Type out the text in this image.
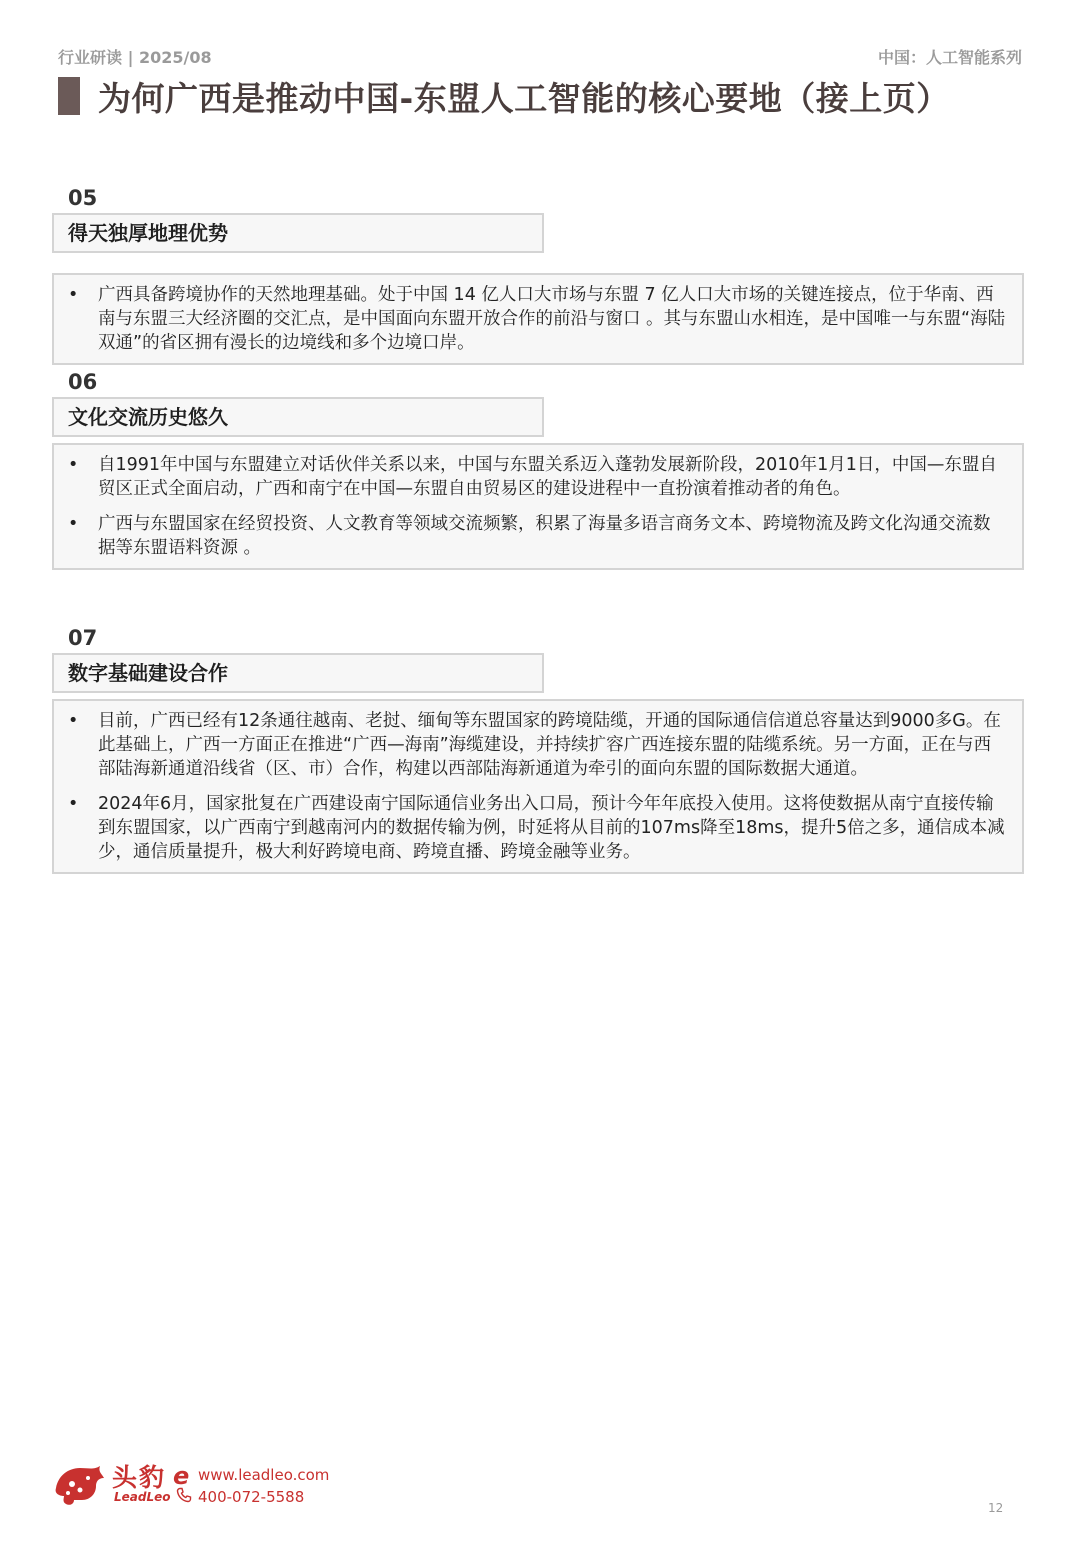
行业研读 | 2025/08	中国：人工智能系列
为何广西是推动中国-东盟人工智能的核心要地（接上页）
05
得天独厚地理优势
•	广西具备跨境协作的天然地理基础。处于中国 14 亿人口大市场与东盟 7 亿人口大市场的关键连接点，位于华南、西南与东盟三大经济圈的交汇点，是中国面向东盟开放合作的前沿与窗口 。其与东盟山水相连，是中国唯一与东盟“海陆双通”的省区拥有漫长的边境线和多个边境口岸。
06
文化交流历史悠久
•	自1991年中国与东盟建立对话伙伴关系以来，中国与东盟关系迈入蓬勃发展新阶段，2010年1月1日，中国—东盟自贸区正式全面启动，广西和南宁在中国—东盟自由贸易区的建设进程中一直扮演着推动者的角色。
•	广西与东盟国家在经贸投资、人文教育等领域交流频繁，积累了海量多语言商务文本、跨境物流及跨文化沟通交流数据等东盟语料资源 。
07
数字基础建设合作
•	目前，广西已经有12条通往越南、老挝、缅甸等东盟国家的跨境陆缆，开通的国际通信信道总容量达到9000多G。在此基础上，广西一方面正在推进“广西—海南”海缆建设，并持续扩容广西连接东盟的陆缆系统。另一方面，正在与西部陆海新通道沿线省（区、市）合作，构建以西部陆海新通道为牵引的面向东盟的国际数据大通道。
•	2024年6月，国家批复在广西建设南宁国际通信业务出入口局，预计今年年底投入使用。这将使数据从南宁直接传输到东盟国家，以广西南宁到越南河内的数据传输为例，时延将从目前的107ms降至18ms，提升5倍之多，通信成本减少，通信质量提升，极大利好跨境电商、跨境直播、跨境金融等业务。
头豹
LeadLeo
e www.leadleo.com
400-072-5588
12
